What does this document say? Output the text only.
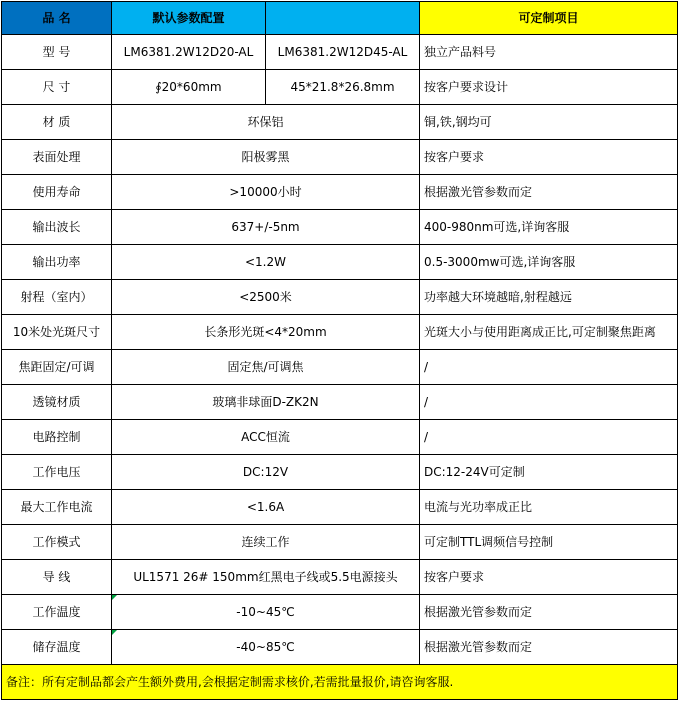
品 名	默认参数配置		可定制项目
型 号	LM6381.2W12D20-AL	LM6381.2W12D45-AL	独立产品料号
尺 寸	∮20*60mm	45*21.8*26.8mm	按客户要求设计
材 质	环保铝		铜,铁,钢均可
表面处理	阳极雾黑		按客户要求
使用寿命	>10000小时		根据激光管参数而定
输出波长	637+/-5nm		400-980nm可选,详询客服
输出功率	<1.2W		0.5-3000mw可选,详询客服
射程（室内）	<2500米		功率越大环境越暗,射程越远
10米处光斑尺寸	长条形光斑<4*20mm		光斑大小与使用距离成正比,可定制聚焦距离
焦距固定/可调	固定焦/可调焦		/
透镜材质	玻璃非球面D-ZK2N		/
电路控制	ACC恒流		/
工作电压	DC:12V		DC:12-24V可定制
最大工作电流	<1.6A		电流与光功率成正比
工作模式	连续工作		可定制TTL调频信号控制
导 线	UL1571 26# 150mm红黑电子线或5.5电源接头		按客户要求
工作温度	-10~45℃		根据激光管参数而定
储存温度	-40~85℃		根据激光管参数而定
备注：所有定制品都会产生额外费用,会根据定制需求核价,若需批量报价,请咨询客服.			
